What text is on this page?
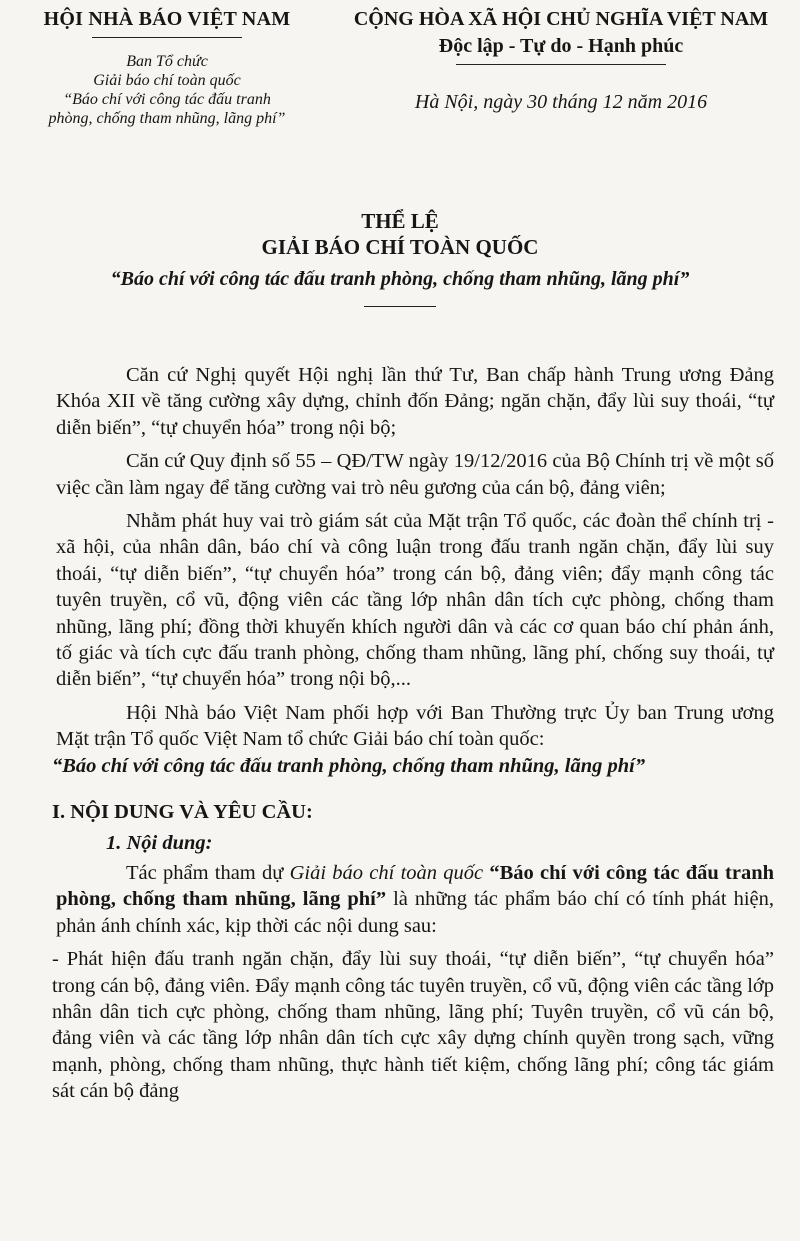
HỘI NHÀ BÁO VIỆT NAM
Ban Tổ chức
Giải báo chí toàn quốc
“Báo chí với công tác đấu tranh
phòng, chống tham nhũng, lãng phí”
CỘNG HÒA XÃ HỘI CHỦ NGHĨA VIỆT NAM
Độc lập - Tự do - Hạnh phúc
Hà Nội, ngày 30 tháng 12 năm 2016
THỂ LỆ
GIẢI BÁO CHÍ TOÀN QUỐC
“Báo chí với công tác đấu tranh phòng, chống tham nhũng, lãng phí”

Căn cứ Nghị quyết Hội nghị lần thứ Tư, Ban chấp hành Trung ương Đảng Khóa XII về tăng cường xây dựng, chỉnh đốn Đảng; ngăn chặn, đẩy lùi suy thoái, “tự diễn biến”, “tự chuyển hóa” trong nội bộ;

Căn cứ Quy định số 55 – QĐ/TW ngày 19/12/2016 của Bộ Chính trị về một số việc cần làm ngay để tăng cường vai trò nêu gương của cán bộ, đảng viên;

Nhằm phát huy vai trò giám sát của Mặt trận Tổ quốc, các đoàn thể chính trị - xã hội, của nhân dân, báo chí và công luận trong đấu tranh ngăn chặn, đẩy lùi suy thoái, “tự diễn biến”, “tự chuyển hóa” trong cán bộ, đảng viên; đẩy mạnh công tác tuyên truyền, cổ vũ, động viên các tầng lớp nhân dân tích cực phòng, chống tham nhũng, lãng phí; đồng thời khuyến khích người dân và các cơ quan báo chí phản ánh, tố giác và tích cực đấu tranh phòng, chống tham nhũng, lãng phí, chống suy thoái, tự diễn biến”, “tự chuyển hóa” trong nội bộ,...

Hội Nhà báo Việt Nam phối hợp với Ban Thường trực Ủy ban Trung ương Mặt trận Tổ quốc Việt Nam tổ chức Giải báo chí toàn quốc:
“Báo chí với công tác đấu tranh phòng, chống tham nhũng, lãng phí”

I. NỘI DUNG VÀ YÊU CẦU:
1. Nội dung:

Tác phẩm tham dự Giải báo chí toàn quốc “Báo chí với công tác đấu tranh phòng, chống tham nhũng, lãng phí” là những tác phẩm báo chí có tính phát hiện, phản ánh chính xác, kịp thời các nội dung sau:

- Phát hiện đấu tranh ngăn chặn, đẩy lùi suy thoái, “tự diễn biến”, “tự chuyển hóa” trong cán bộ, đảng viên. Đẩy mạnh công tác tuyên truyền, cổ vũ, động viên các tầng lớp nhân dân tich cực phòng, chống tham nhũng, lãng phí; Tuyên truyền, cổ vũ cán bộ, đảng viên và các tầng lớp nhân dân tích cực xây dựng chính quyền trong sạch, vững mạnh, phòng, chống tham nhũng, thực hành tiết kiệm, chống lãng phí; công tác giám sát cán bộ đảng
